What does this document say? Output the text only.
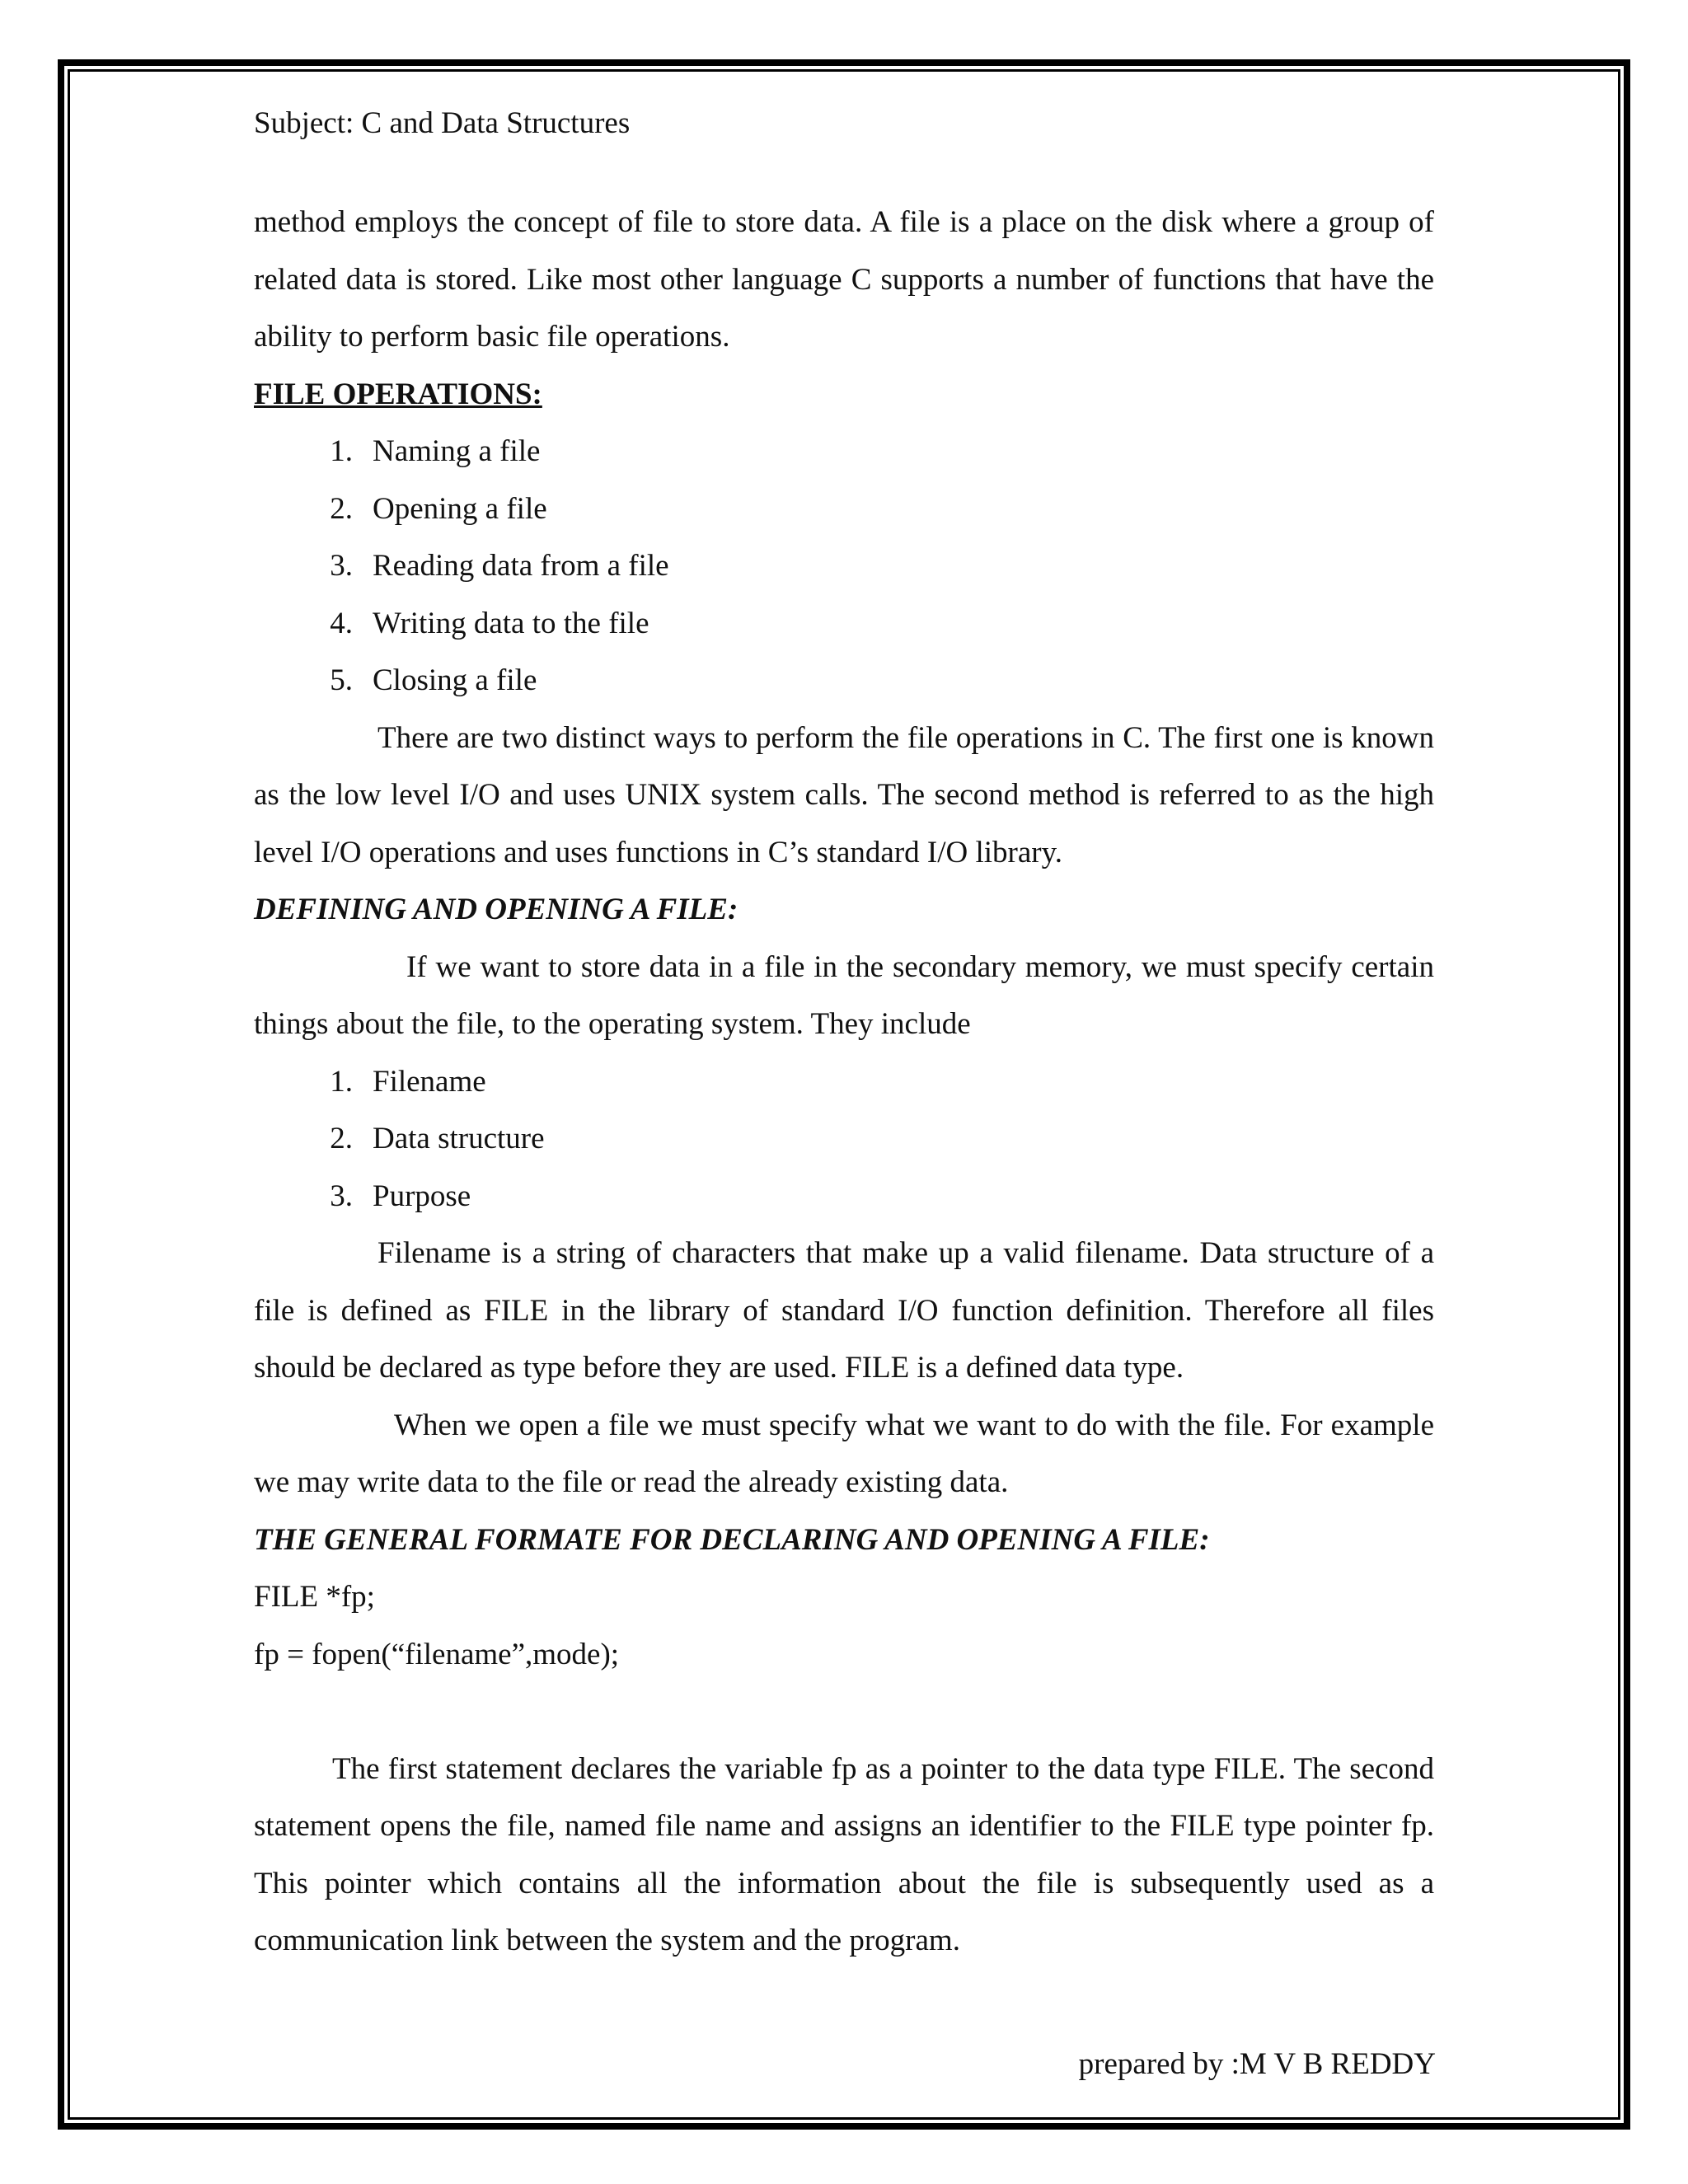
Subject: C and Data Structures

method employs the concept of file to store data. A file is a place on the disk where a group of related data is stored. Like most other language C supports a number of functions that have the ability to perform basic file operations.

FILE OPERATIONS:

1. Naming a file
2. Opening a file
3. Reading data from a file
4. Writing data to the file
5. Closing a file

There are two distinct ways to perform the file operations in C. The first one is known as the low level I/O and uses UNIX system calls. The second method is referred to as the high level I/O operations and uses functions in C’s standard I/O library.

DEFINING AND OPENING A FILE:

If we want to store data in a file in the secondary memory, we must specify certain things about the file, to the operating system. They include

1. Filename
2. Data structure
3. Purpose

Filename is a string of characters that make up a valid filename. Data structure of a file is defined as FILE in the library of standard I/O function definition. Therefore all files should be declared as type before they are used. FILE is a defined data type.

When we open a file we must specify what we want to do with the file. For example we may write data to the file or read the already existing data.

THE GENERAL FORMATE FOR DECLARING AND OPENING A FILE:

FILE *fp;

fp = fopen(“filename”,mode);

The first statement declares the variable fp as a pointer to the data type FILE. The second statement opens the file, named file name and assigns an identifier to the FILE type pointer fp. This pointer which contains all the information about the file is subsequently used as a communication link between the system and the program.

prepared by :M V B REDDY
